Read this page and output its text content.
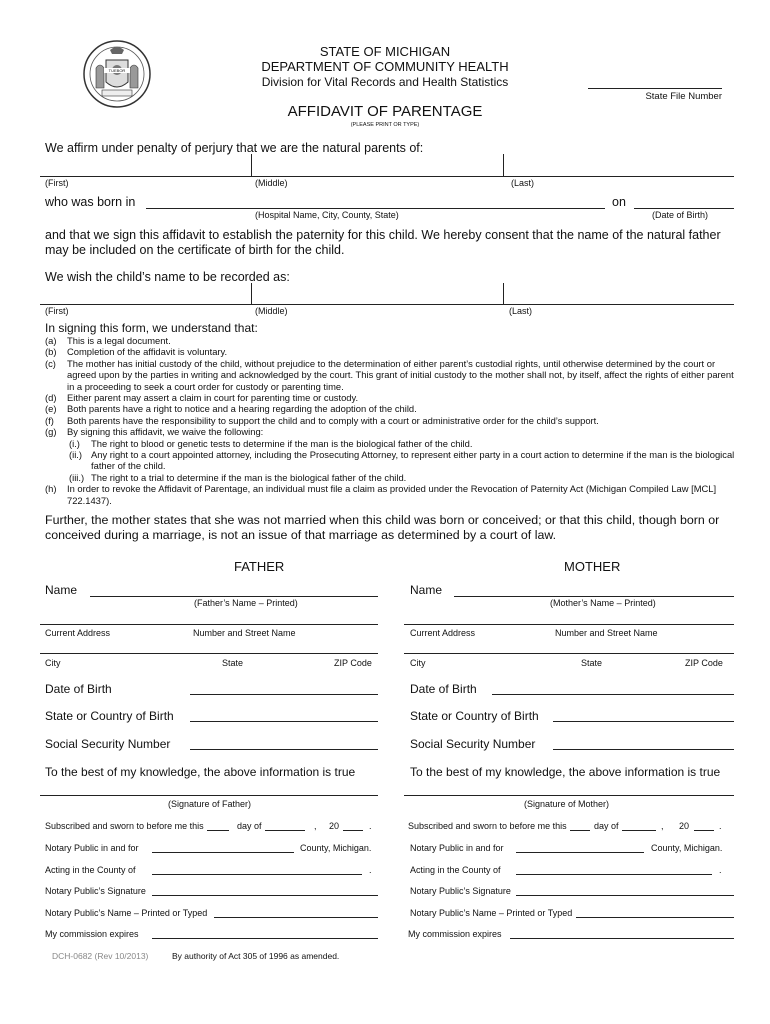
TUEBOR
STATE OF MICHIGAN
DEPARTMENT OF COMMUNITY HEALTH
Division for Vital Records and Health Statistics
State File Number
AFFIDAVIT OF PARENTAGE
(PLEASE PRINT OR TYPE)
We affirm under penalty of perjury that we are the natural parents of:
(First)	(Middle)	(Last)
who was born in	on
(Hospital Name, City, County, State)	(Date of Birth)
and that we sign this affidavit to establish the paternity for this child. We hereby consent that the name of the natural father may be included on the certificate of birth for the child.
We wish the child’s name to be recorded as:
(First)	(Middle)	(Last)
In signing this form, we understand that:
(a)	This is a legal document.
(b)	Completion of the affidavit is voluntary.
(c)	The mother has initial custody of the child, without prejudice to the determination of either parent’s custodial rights, until otherwise determined by the court or agreed upon by the parties in writing and acknowledged by the court. This grant of initial custody to the mother shall not, by itself, affect the rights of either parent in a proceeding to seek a court order for custody or parenting time.
(d)	Either parent may assert a claim in court for parenting time or custody.
(e)	Both parents have a right to notice and a hearing regarding the adoption of the child.
(f)	Both parents have the responsibility to support the child and to comply with a court or administrative order for the child’s support.
(g)	By signing this affidavit, we waive the following:
(i.)	The right to blood or genetic tests to determine if the man is the biological father of the child.
(ii.) Any right to a court appointed attorney, including the Prosecuting Attorney, to represent either party in a court action to determine if the man is the biological father of the child.
(iii.) The right to a trial to determine if the man is the biological father of the child.
(h)	In order to revoke the Affidavit of Parentage, an individual must file a claim as provided under the Revocation of Paternity Act (Michigan Compiled Law [MCL] 722.1437).
Further, the mother states that she was not married when this child was born or conceived; or that this child, though born or conceived during a marriage, is not an issue of that marriage as determined by a court of law.
FATHER
Name
(Father’s Name – Printed)
Current Address	Number and Street Name
City	State	ZIP Code
Date of Birth
State or Country of Birth
Social Security Number
To the best of my knowledge, the above information is true
(Signature of Father)
Subscribed and sworn to before me this	day of	, 20	.
Notary Public in and for	County, Michigan.
Acting in the County of	.
Notary Public’s Signature
Notary Public’s Name – Printed or Typed
My commission expires
MOTHER
Name
(Mother’s Name – Printed)
Current Address	Number and Street Name
City	State	ZIP Code
Date of Birth
State or Country of Birth
Social Security Number
To the best of my knowledge, the above information is true
(Signature of Mother)
Subscribed and sworn to before me this	day of	, 20	.
Notary Public in and for	County, Michigan.
Acting in the County of	.
Notary Public’s Signature
Notary Public’s Name – Printed or Typed
My commission expires
DCH-0682 (Rev 10/2013)	By authority of Act 305 of 1996 as amended.
